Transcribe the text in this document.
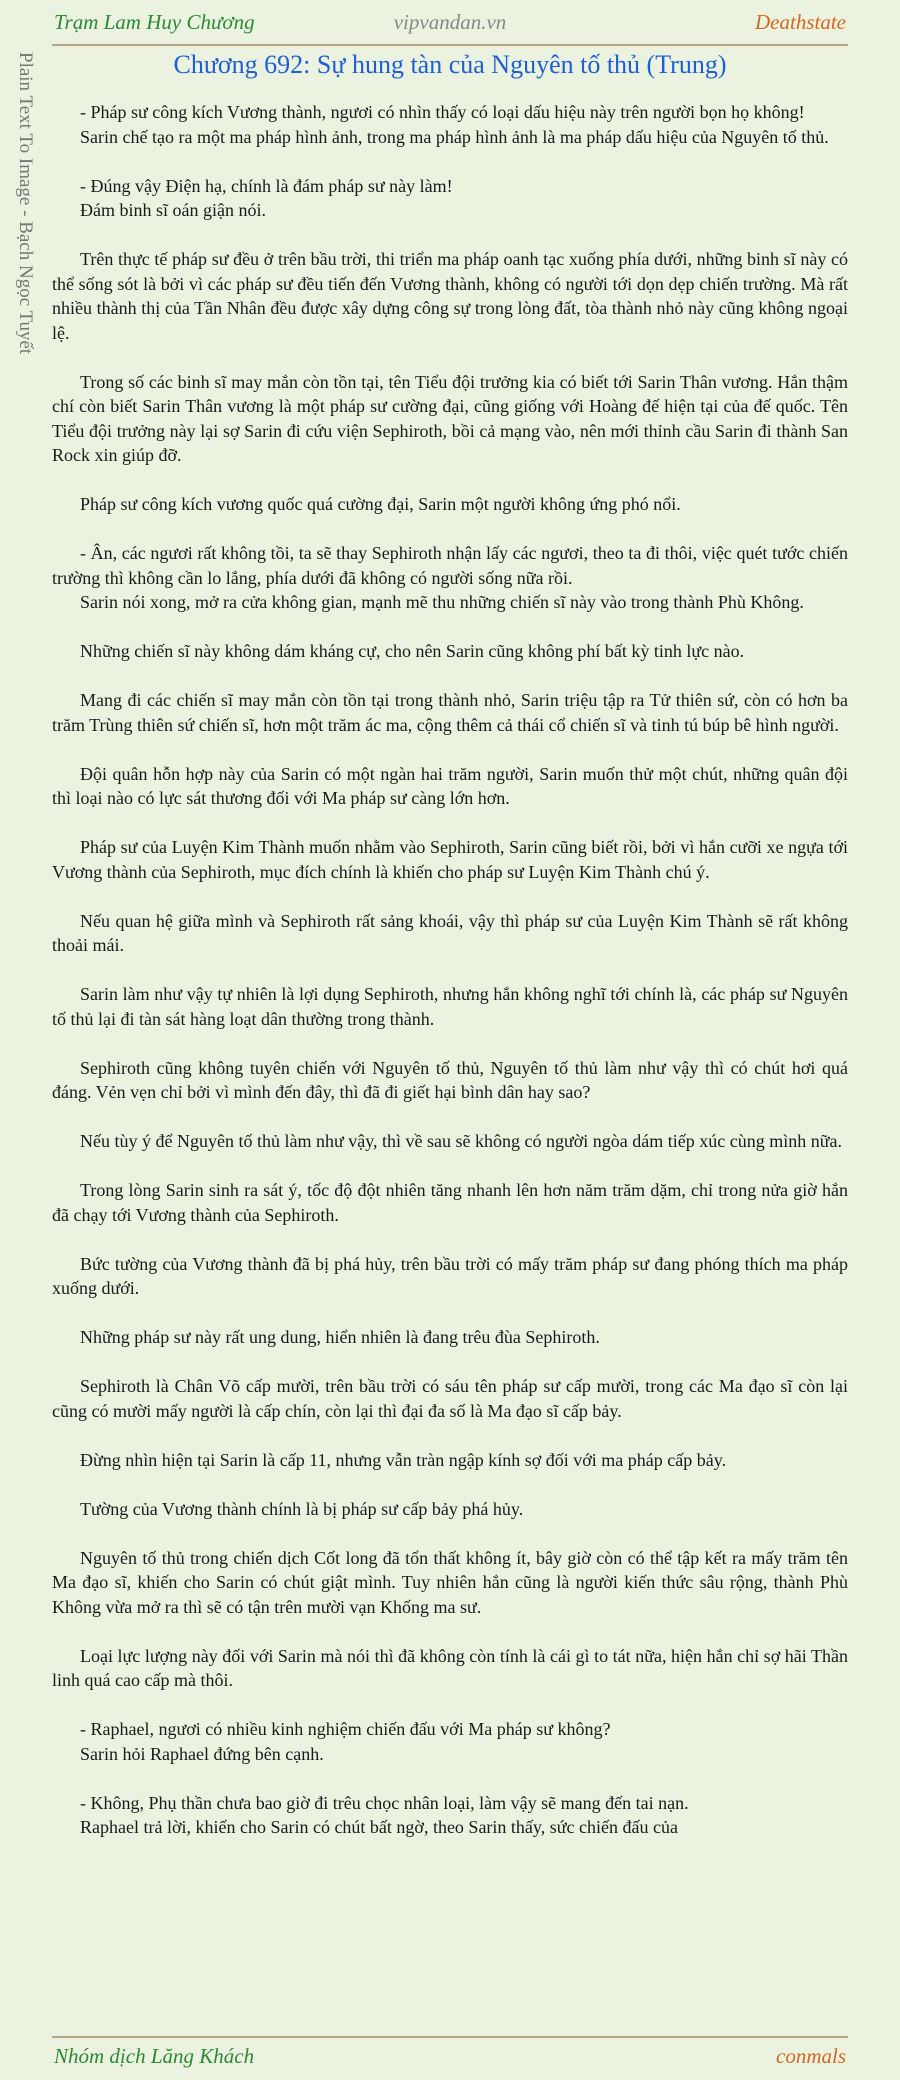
Trạm Lam Huy Chương	vipvandan.vn	Deathstate
Plain Text To Image - Bạch Ngọc Tuyết	Chương 692: Sự hung tàn của Nguyên tố thủ (Trung)

- Pháp sư công kích Vương thành, ngươi có nhìn thấy có loại dấu hiệu này trên người bọn họ không!

Sarin chế tạo ra một ma pháp hình ảnh, trong ma pháp hình ảnh là ma pháp dấu hiệu của Nguyên tố thủ.

- Đúng vậy Điện hạ, chính là đám pháp sư này làm!

Đám binh sĩ oán giận nói.

Trên thực tế pháp sư đều ở trên bầu trời, thi triển ma pháp oanh tạc xuống phía dưới, những binh sĩ này có thể sống sót là bởi vì các pháp sư đều tiến đến Vương thành, không có người tới dọn dẹp chiến trường. Mà rất nhiều thành thị của Tần Nhân đều được xây dựng công sự trong lòng đất, tòa thành nhỏ này cũng không ngoại lệ.

Trong số các binh sĩ may mắn còn tồn tại, tên Tiểu đội trưởng kia có biết tới Sarin Thân vương. Hắn thậm chí còn biết Sarin Thân vương là một pháp sư cường đại, cũng giống với Hoàng đế hiện tại của đế quốc. Tên Tiểu đội trưởng này lại sợ Sarin đi cứu viện Sephiroth, bồi cả mạng vào, nên mới thỉnh cầu Sarin đi thành San Rock xin giúp đỡ.

Pháp sư công kích vương quốc quá cường đại, Sarin một người không ứng phó nổi.

- Ân, các ngươi rất không tồi, ta sẽ thay Sephiroth nhận lấy các ngươi, theo ta đi thôi, việc quét tước chiến trường thì không cần lo lắng, phía dưới đã không có người sống nữa rồi.

Sarin nói xong, mở ra cửa không gian, mạnh mẽ thu những chiến sĩ này vào trong thành Phù Không.

Những chiến sĩ này không dám kháng cự, cho nên Sarin cũng không phí bất kỳ tinh lực nào.

Mang đi các chiến sĩ may mắn còn tồn tại trong thành nhỏ, Sarin triệu tập ra Tử thiên sứ, còn có hơn ba trăm Trùng thiên sứ chiến sĩ, hơn một trăm ác ma, cộng thêm cả thái cổ chiến sĩ và tinh tú búp bê hình người.

Đội quân hỗn hợp này của Sarin có một ngàn hai trăm người, Sarin muốn thử một chút, những quân đội thì loại nào có lực sát thương đối với Ma pháp sư càng lớn hơn.

Pháp sư của Luyện Kim Thành muốn nhằm vào Sephiroth, Sarin cũng biết rồi, bởi vì hắn cưỡi xe ngựa tới Vương thành của Sephiroth, mục đích chính là khiến cho pháp sư Luyện Kim Thành chú ý.

Nếu quan hệ giữa mình và Sephiroth rất sảng khoái, vậy thì pháp sư của Luyện Kim Thành sẽ rất không thoải mái.

Sarin làm như vậy tự nhiên là lợi dụng Sephiroth, nhưng hắn không nghĩ tới chính là, các pháp sư Nguyên tố thủ lại đi tàn sát hàng loạt dân thường trong thành.

Sephiroth cũng không tuyên chiến với Nguyên tố thủ, Nguyên tố thủ làm như vậy thì có chút hơi quá đáng. Vẻn vẹn chỉ bởi vì mình đến đây, thì đã đi giết hại bình dân hay sao?

Nếu tùy ý để Nguyên tố thủ làm như vậy, thì về sau sẽ không có người ngòa dám tiếp xúc cùng mình nữa.

Trong lòng Sarin sinh ra sát ý, tốc độ đột nhiên tăng nhanh lên hơn năm trăm dặm, chỉ trong nửa giờ hắn đã chạy tới Vương thành của Sephiroth.

Bức tường của Vương thành đã bị phá hủy, trên bầu trời có mấy trăm pháp sư đang phóng thích ma pháp xuống dưới.

Những pháp sư này rất ung dung, hiển nhiên là đang trêu đùa Sephiroth.

Sephiroth là Chân Võ cấp mười, trên bầu trời có sáu tên pháp sư cấp mười, trong các Ma đạo sĩ còn lại cũng có mười mấy người là cấp chín, còn lại thì đại đa số là Ma đạo sĩ cấp bảy.

Đừng nhìn hiện tại Sarin là cấp 11, nhưng vẫn tràn ngập kính sợ đối với ma pháp cấp bảy.

Tường của Vương thành chính là bị pháp sư cấp bảy phá hủy.

Nguyên tố thủ trong chiến dịch Cốt long đã tổn thất không ít, bây giờ còn có thể tập kết ra mấy trăm tên Ma đạo sĩ, khiến cho Sarin có chút giật mình. Tuy nhiên hắn cũng là người kiến thức sâu rộng, thành Phù Không vừa mở ra thì sẽ có tận trên mười vạn Khống ma sư.

Loại lực lượng này đối với Sarin mà nói thì đã không còn tính là cái gì to tát nữa, hiện hắn chỉ sợ hãi Thần linh quá cao cấp mà thôi.

- Raphael, ngươi có nhiều kinh nghiệm chiến đấu với Ma pháp sư không?

Sarin hỏi Raphael đứng bên cạnh.

- Không, Phụ thần chưa bao giờ đi trêu chọc nhân loại, làm vậy sẽ mang đến tai nạn.

Raphael trả lời, khiến cho Sarin có chút bất ngờ, theo Sarin thấy, sức chiến đấu của

Nhóm dịch Lăng Khách	conmals
